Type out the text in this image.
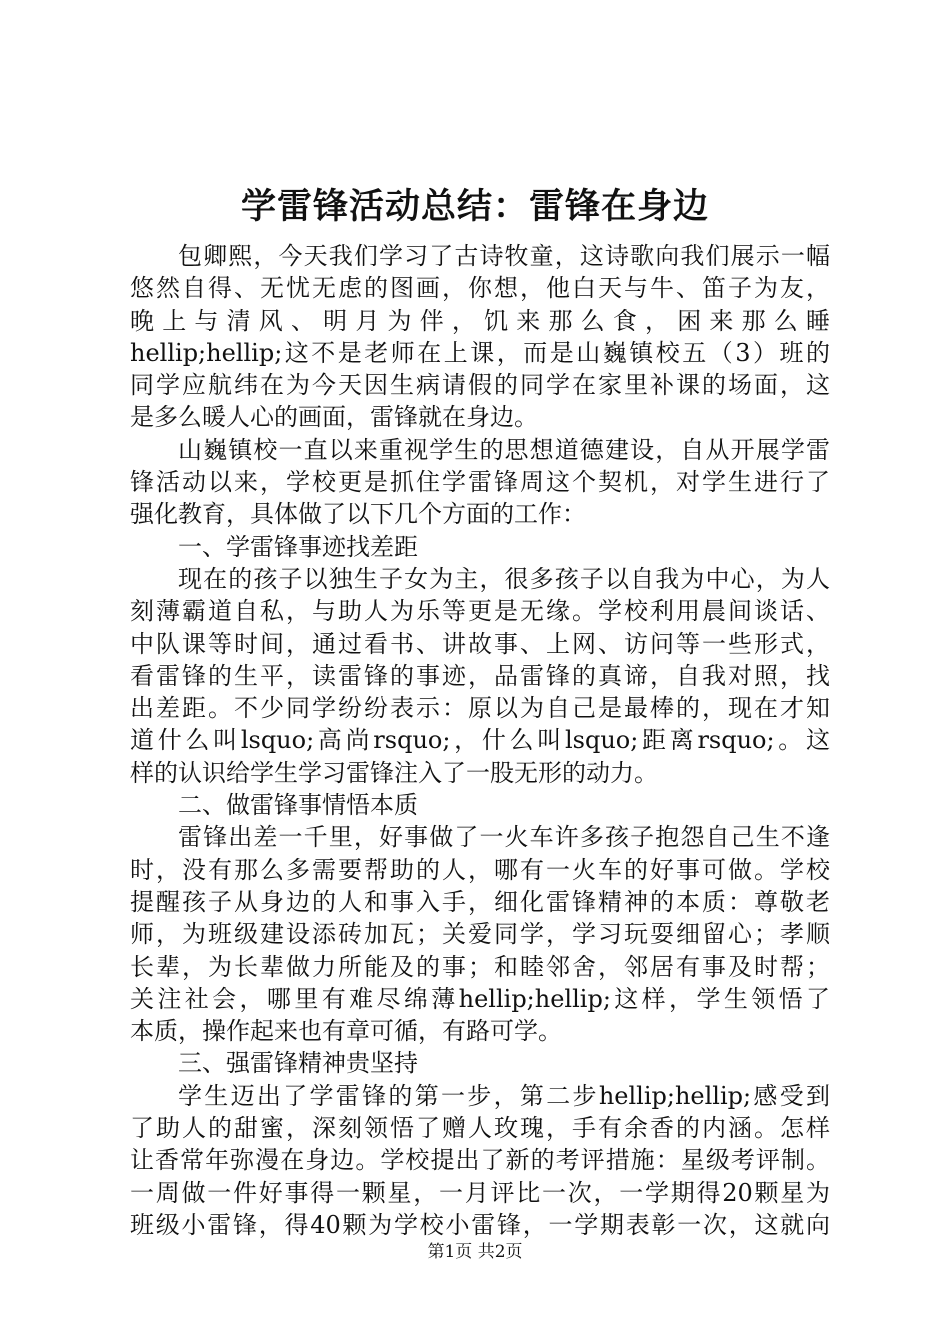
学雷锋活动总结：雷锋在身边
包卿熙，今天我们学习了古诗牧童，这诗歌向我们展示一幅
悠然自得、无忧无虑的图画，你想，他白天与牛、笛子为友，
晚上与清风、明月为伴，饥来那么食，困来那么睡
hellip;hellip;这不是老师在上课，而是山巍镇校五（3）班的
同学应航纬在为今天因生病请假的同学在家里补课的场面，这
是多么暖人心的画面，雷锋就在身边。
山巍镇校一直以来重视学生的思想道德建设，自从开展学雷
锋活动以来，学校更是抓住学雷锋周这个契机，对学生进行了
强化教育，具体做了以下几个方面的工作：
一、学雷锋事迹找差距
现在的孩子以独生子女为主，很多孩子以自我为中心，为人
刻薄霸道自私，与助人为乐等更是无缘。学校利用晨间谈话、
中队课等时间，通过看书、讲故事、上网、访问等一些形式，
看雷锋的生平，读雷锋的事迹，品雷锋的真谛，自我对照，找
出差距。不少同学纷纷表示：原以为自己是最棒的，现在才知
道什么叫lsquo;高尚rsquo;，什么叫lsquo;距离rsquo;。这
样的认识给学生学习雷锋注入了一股无形的动力。
二、做雷锋事情悟本质
雷锋出差一千里，好事做了一火车许多孩子抱怨自己生不逢
时，没有那么多需要帮助的人，哪有一火车的好事可做。学校
提醒孩子从身边的人和事入手，细化雷锋精神的本质：尊敬老
师，为班级建设添砖加瓦；关爱同学，学习玩耍细留心；孝顺
长辈，为长辈做力所能及的事；和睦邻舍，邻居有事及时帮；
关注社会，哪里有难尽绵薄hellip;hellip;这样，学生领悟了
本质，操作起来也有章可循，有路可学。
三、强雷锋精神贵坚持
学生迈出了学雷锋的第一步，第二步hellip;hellip;感受到
了助人的甜蜜，深刻领悟了赠人玫瑰，手有余香的内涵。怎样
让香常年弥漫在身边。学校提出了新的考评措施：星级考评制。
一周做一件好事得一颗星，一月评比一次，一学期得20颗星为
班级小雷锋，得40颗为学校小雷锋，一学期表彰一次，这就向
第1页 共2页
